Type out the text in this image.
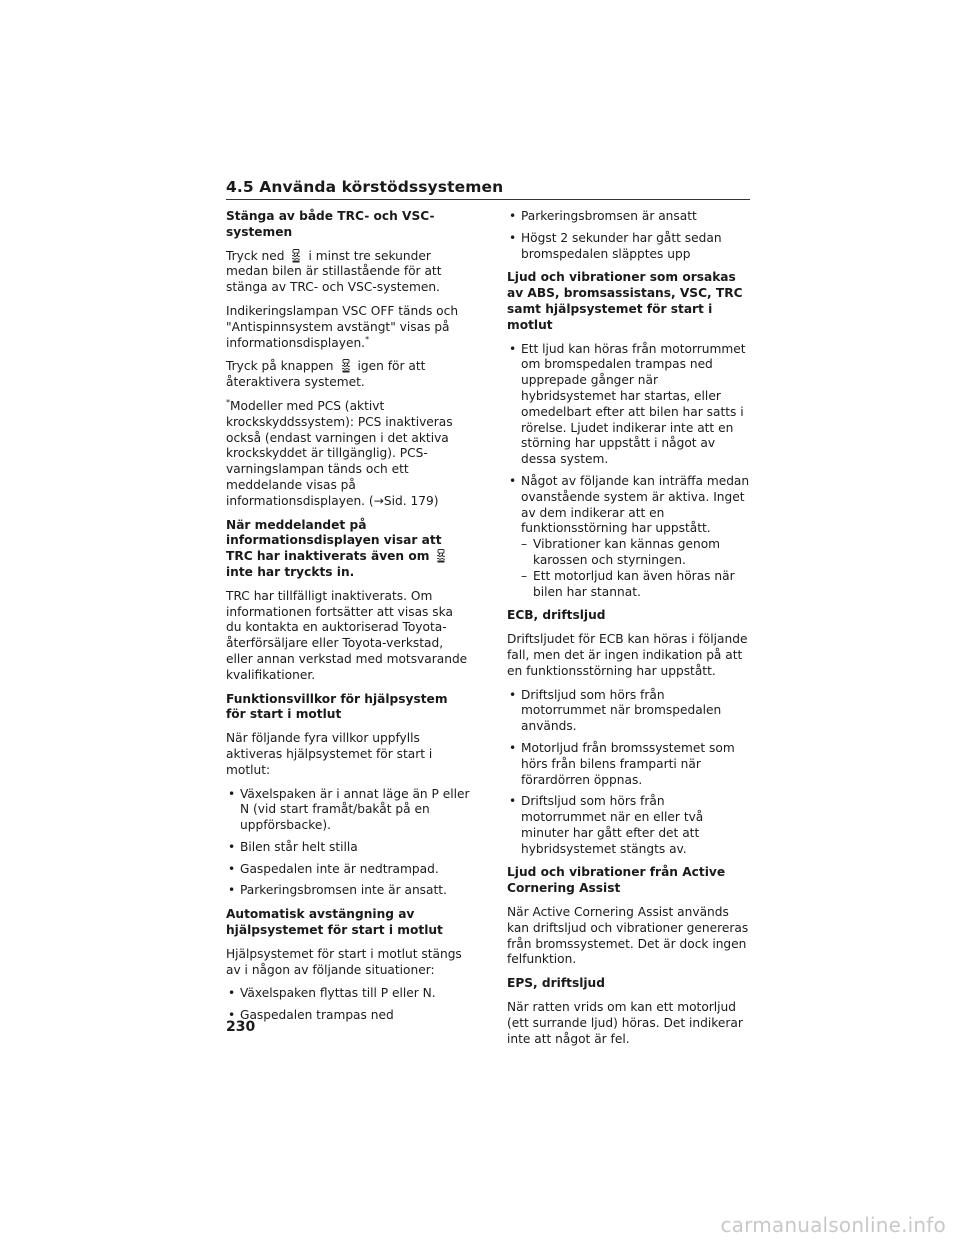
4.5 Använda körstödssystemen
Stänga av både TRC- och VSC-systemen
Tryck ned i minst tre sekunder medan bilen är stillastående för att stänga av TRC- och VSC-systemen.
Indikeringslampan VSC OFF tänds och "Antispinnsystem avstängt" visas på informationsdisplayen.*
Tryck på knappen igen för att återaktivera systemet.
*Modeller med PCS (aktivt krockskyddssystem): PCS inaktiveras också (endast varningen i det aktiva krockskyddet är tillgänglig). PCS-varningslampan tänds och ett meddelande visas på informationsdisplayen. (→Sid. 179)
När meddelandet på informationsdisplayen visar att TRC har inaktiverats även om
inte har tryckts in.
TRC har tillfälligt inaktiverats. Om informationen fortsätter att visas ska du kontakta en auktoriserad Toyota-återförsäljare eller Toyota-verkstad, eller annan verkstad med motsvarande kvalifikationer.
Funktionsvillkor för hjälpsystem för start i motlut
När följande fyra villkor uppfylls aktiveras hjälpsystemet för start i motlut:
• Växelspaken är i annat läge än P eller N (vid start framåt/bakåt på en uppförsbacke).
• Bilen står helt stilla
• Gaspedalen inte är nedtrampad.
• Parkeringsbromsen inte är ansatt.
Automatisk avstängning av hjälpsystemet för start i motlut
Hjälpsystemet för start i motlut stängs av i någon av följande situationer:
• Växelspaken flyttas till P eller N.
• Gaspedalen trampas ned
• Parkeringsbromsen är ansatt
• Högst 2 sekunder har gått sedan bromspedalen släpptes upp
Ljud och vibrationer som orsakas av ABS, bromsassistans, VSC, TRC samt hjälpsystemet för start i motlut
• Ett ljud kan höras från motorrummet om bromspedalen trampas ned upprepade gånger när hybridsystemet har startas, eller omedelbart efter att bilen har satts i rörelse. Ljudet indikerar inte att en störning har uppstått i något av dessa system.
• Något av följande kan inträffa medan ovanstående system är aktiva. Inget av dem indikerar att en funktionsstörning har uppstått.
– Vibrationer kan kännas genom karossen och styrningen.
– Ett motorljud kan även höras när bilen har stannat.
ECB, driftsljud
Driftsljudet för ECB kan höras i följande fall, men det är ingen indikation på att en funktionsstörning har uppstått.
• Driftsljud som hörs från motorrummet när bromspedalen används.
• Motorljud från bromssystemet som hörs från bilens framparti när förardörren öppnas.
• Driftsljud som hörs från motorrummet när en eller två minuter har gått efter det att hybridsystemet stängts av.
Ljud och vibrationer från Active Cornering Assist
När Active Cornering Assist används kan driftsljud och vibrationer genereras från bromssystemet. Det är dock ingen felfunktion.
EPS, driftsljud
När ratten vrids om kan ett motorljud (ett surrande ljud) höras. Det indikerar inte att något är fel.
230
carmanualsonline.info
